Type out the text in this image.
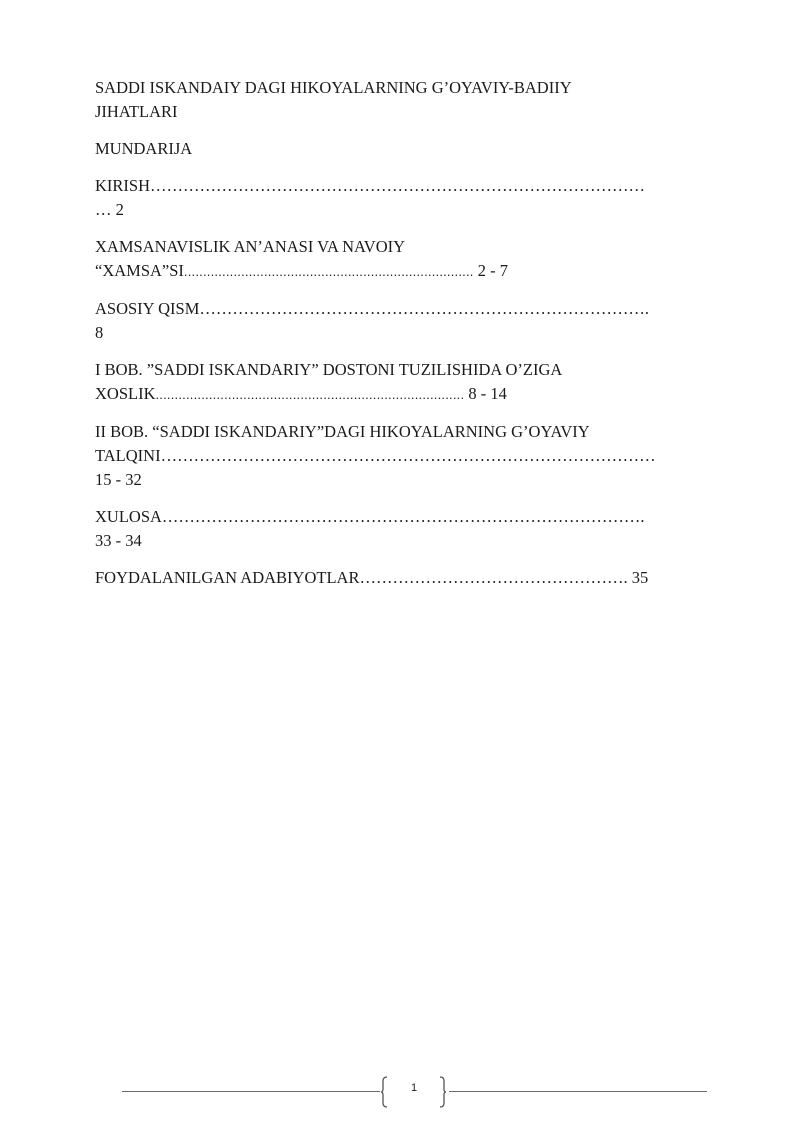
SADDI ISKANDAIY DAGI HIKOYALARNING G’OYAVIY-BADIIY
JIHATLARI

MUNDARIJA

KIRISH………………………………………………………………………………
… 2

XAMSANAVISLIK AN’ANASI VA NAVOIY
“XAMSA”SI............................................................................ 2 - 7

ASOSIY QISM……………………………………………………………………….
8

I BOB. ”SADDI ISKANDARIY” DOSTONI TUZILISHIDA O’ZIGA
XOSLIK................................................................................. 8 - 14

II BOB. “SADDI ISKANDARIY”DAGI HIKOYALARNING G’OYAVIY
TALQINI………………………………………………………………………………
15 - 32

XULOSA…………………………………………………………………………….
33 - 34

FOYDALANILGAN ADABIYOTLAR…………………………………………. 35

1
